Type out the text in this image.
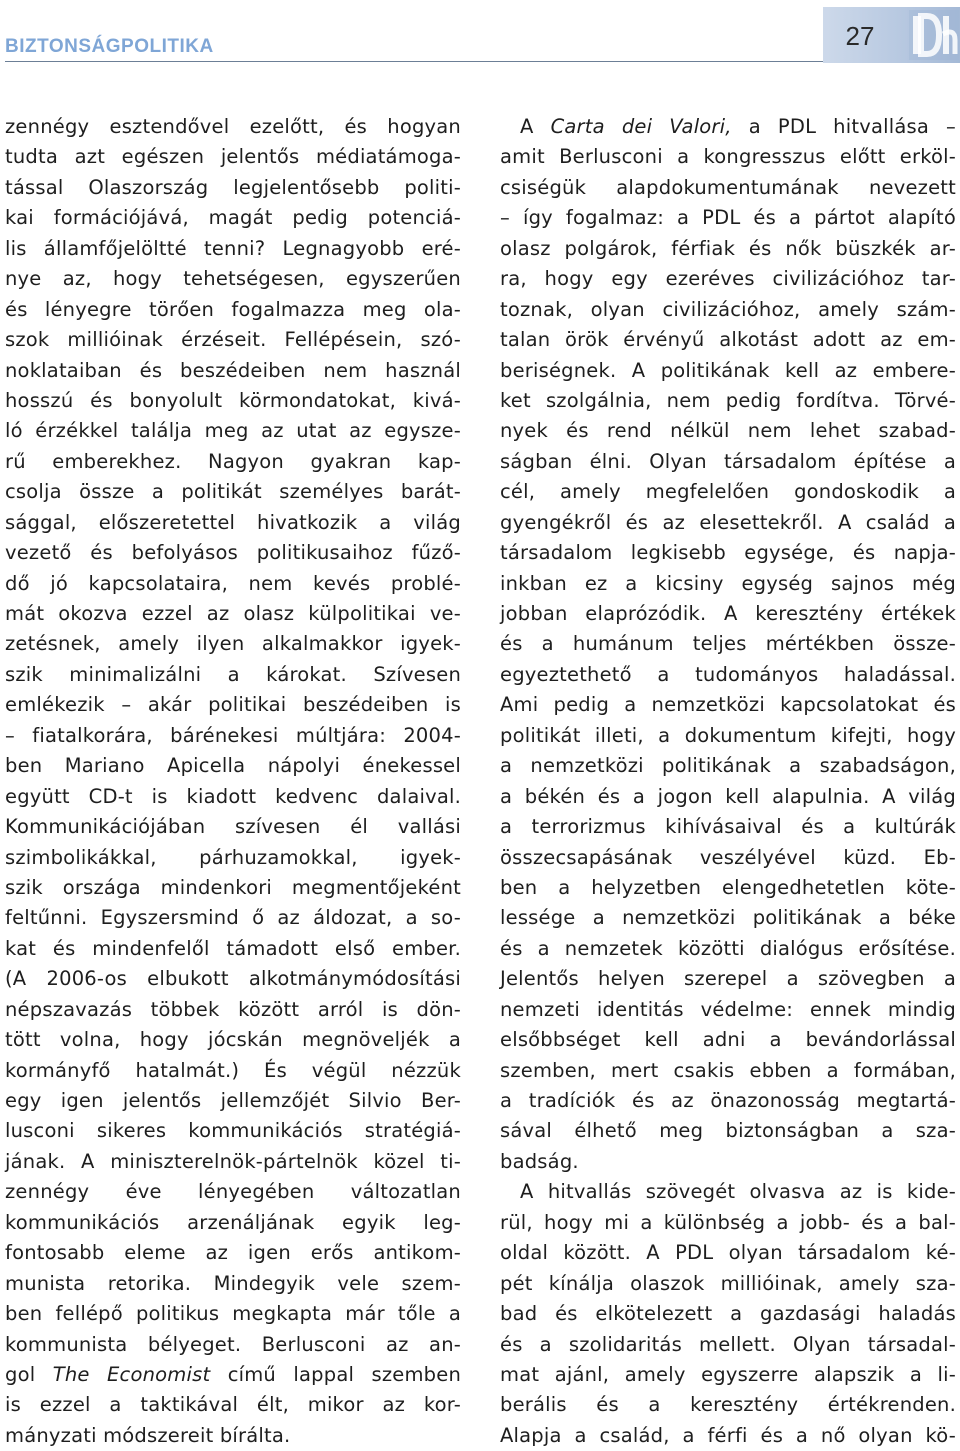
BIZTONSÁGPOLITIKA	27
zennégy esztendővel ezelőtt, és hogyan
tudta azt egészen jelentős médiatámoga-
tással Olaszország legjelentősebb politi-
kai formációjává, magát pedig potenciá-
lis államfőjelöltté tenni? Legnagyobb eré-
nye az, hogy tehetségesen, egyszerűen
és lényegre törően fogalmazza meg ola-
szok millióinak érzéseit. Fellépésein, szó-
noklataiban és beszédeiben nem használ
hosszú és bonyolult körmondatokat, kivá-
ló érzékkel találja meg az utat az egysze-
rű emberekhez. Nagyon gyakran kap-
csolja össze a politikát személyes barát-
sággal, előszeretettel hivatkozik a világ
vezető és befolyásos politikusaihoz fűző-
dő jó kapcsolataira, nem kevés problé-
mát okozva ezzel az olasz külpolitikai ve-
zetésnek, amely ilyen alkalmakkor igyek-
szik minimalizálni a károkat. Szívesen
emlékezik – akár politikai beszédeiben is
– fiatalkorára, bárénekesi múltjára: 2004-
ben Mariano Apicella nápolyi énekessel
együtt CD-t is kiadott kedvenc dalaival.
Kommunikációjában szívesen él vallási
szimbolikákkal, párhuzamokkal, igyek-
szik országa mindenkori megmentőjeként
feltűnni. Egyszersmind ő az áldozat, a so-
kat és mindenfelől támadott első ember.
(A 2006-os elbukott alkotmánymódosítási
népszavazás többek között arról is dön-
tött volna, hogy jócskán megnöveljék a
kormányfő hatalmát.) És végül nézzük
egy igen jelentős jellemzőjét Silvio Ber-
lusconi sikeres kommunikációs stratégiá-
jának. A miniszterelnök-pártelnök közel ti-
zennégy éve lényegében változatlan
kommunikációs arzenáljának egyik leg-
fontosabb eleme az igen erős antikom-
munista retorika. Mindegyik vele szem-
ben fellépő politikus megkapta már tőle a
kommunista bélyeget. Berlusconi az an-
gol The Economist című lappal szemben
is ezzel a taktikával élt, mikor az kor-
mányzati módszereit bírálta.
A Carta dei Valori, a PDL hitvallása –
amit Berlusconi a kongresszus előtt erköl-
csiségük alapdokumentumának nevezett
– így fogalmaz: a PDL és a pártot alapító
olasz polgárok, férfiak és nők büszkék ar-
ra, hogy egy ezeréves civilizációhoz tar-
toznak, olyan civilizációhoz, amely szám-
talan örök érvényű alkotást adott az em-
beriségnek. A politikának kell az embere-
ket szolgálnia, nem pedig fordítva. Törvé-
nyek és rend nélkül nem lehet szabad-
ságban élni. Olyan társadalom építése a
cél, amely megfelelően gondoskodik a
gyengékről és az elesettekről. A család a
társadalom legkisebb egysége, és napja-
inkban ez a kicsiny egység sajnos még
jobban elaprózódik. A keresztény értékek
és a humánum teljes mértékben össze-
egyeztethető a tudományos haladással.
Ami pedig a nemzetközi kapcsolatokat és
politikát illeti, a dokumentum kifejti, hogy
a nemzetközi politikának a szabadságon,
a békén és a jogon kell alapulnia. A világ
a terrorizmus kihívásaival és a kultúrák
összecsapásának veszélyével küzd. Eb-
ben a helyzetben elengedhetetlen köte-
lessége a nemzetközi politikának a béke
és a nemzetek közötti dialógus erősítése.
Jelentős helyen szerepel a szövegben a
nemzeti identitás védelme: ennek mindig
elsőbbséget kell adni a bevándorlással
szemben, mert csakis ebben a formában,
a tradíciók és az önazonosság megtartá-
sával élhető meg biztonságban a sza-
badság.
A hitvallás szövegét olvasva az is kide-
rül, hogy mi a különbség a jobb- és a bal-
oldal között. A PDL olyan társadalom ké-
pét kínálja olaszok millióinak, amely sza-
bad és elkötelezett a gazdasági haladás
és a szolidaritás mellett. Olyan társadal-
mat ajánl, amely egyszerre alapszik a li-
berális és a keresztény értékrenden.
Alapja a család, a férfi és a nő olyan kö-
